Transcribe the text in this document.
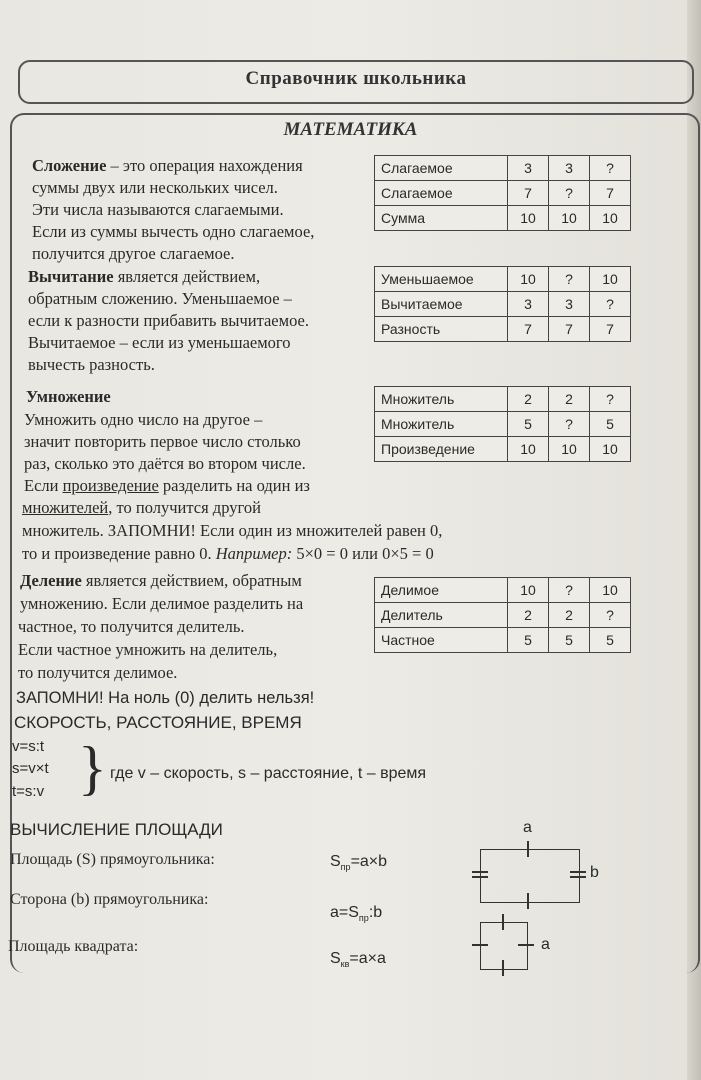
Справочник школьника
МАТЕМАТИКА
Сложение – это операция нахождения
суммы двух или нескольких чисел.
Эти числа называются слагаемыми.
Если из суммы вычесть одно слагаемое,
получится другое слагаемое.
Слагаемое	3	3	?
Слагаемое	7	?	7
Сумма	10	10	10
Вычитание является действием,
обратным сложению. Уменьшаемое –
если к разности прибавить вычитаемое.
Вычитаемое – если из уменьшаемого
вычесть разность.
Уменьшаемое	10	?	10
Вычитаемое	3	3	?
Разность	7	7	7
Умножение
Умножить одно число на другое –
значит повторить первое число столько
раз, сколько это даётся во втором числе.
Если произведение разделить на один из
множителей, то получится другой
множитель. ЗАПОМНИ! Если один из множителей равен 0,
то и произведение равно 0. Например: 5×0 = 0 или 0×5 = 0
Множитель	2	2	?
Множитель	5	?	5
Произведение	10	10	10
Деление является действием, обратным
умножению. Если делимое разделить на
частное, то получится делитель.
Если частное умножить на делитель,
то получится делимое.
ЗАПОМНИ! На ноль (0) делить нельзя!
Делимое	10	?	10
Делитель	2	2	?
Частное	5	5	5
СКОРОСТЬ, РАССТОЯНИЕ, ВРЕМЯ
v=s:t
s=v×t
t=s:v } где v – скорость, s – расстояние, t – время
ВЫЧИСЛЕНИЕ ПЛОЩАДИ
Площадь (S) прямоугольника:	$S_{пр}=a\times b$
Сторона (b) прямоугольника:
$a=S_{пр}:b$
Площадь квадрата:
$S_{кв}=a\times a$
a
b
a
